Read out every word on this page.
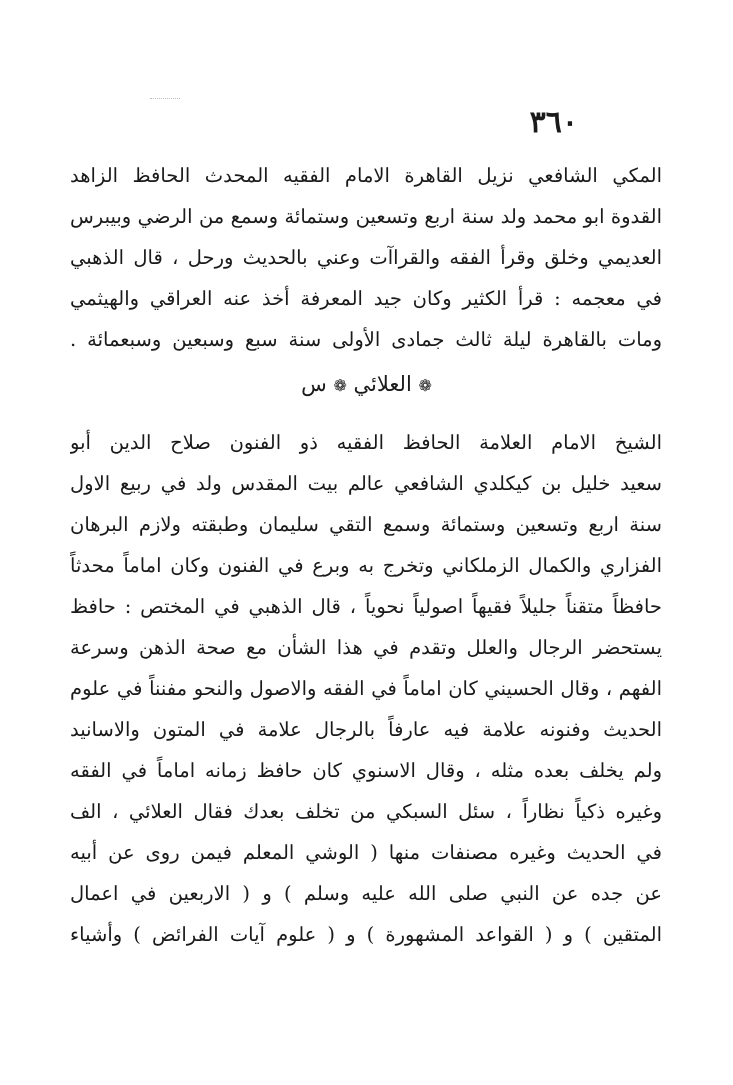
٣٦٠
المكي الشافعي نزيل القاهرة الامام الفقيه المحدث الحافظ الزاهد
القدوة ابو محمد ولد سنة اربع وتسعين وستمائة وسمع من الرضي وبيبرس
العديمي وخلق وقرأ الفقه والقراآت وعني بالحديث ورحل ، قال الذهبي
في معجمه : قرأ الكثير وكان جيد المعرفة أخذ عنه العراقي والهيثمي
ومات بالقاهرة ليلة ثالث جمادى الأولى سنة سبع وسبعين وسبعمائة .
❁ العلائي ❁ س
الشيخ الامام العلامة الحافظ الفقيه ذو الفنون صلاح الدين أبو
سعيد خليل بن كيكلدي الشافعي عالم بيت المقدس ولد في ربيع الاول
سنة اربع وتسعين وستمائة وسمع التقي سليمان وطبقته ولازم البرهان
الفزاري والكمال الزملكاني وتخرج به وبرع في الفنون وكان اماماً محدثاً
حافظاً متقناً جليلاً فقيهاً اصولياً نحوياً ، قال الذهبي في المختص : حافظ
يستحضر الرجال والعلل وتقدم في هذا الشأن مع صحة الذهن وسرعة
الفهم ، وقال الحسيني كان اماماً في الفقه والاصول والنحو مفنناً في علوم
الحديث وفنونه علامة فيه عارفاً بالرجال علامة في المتون والاسانيد
ولم يخلف بعده مثله ، وقال الاسنوي كان حافظ زمانه اماماً في الفقه
وغيره ذكياً نظاراً ، سئل السبكي من تخلف بعدك فقال العلائي ، الف
في الحديث وغيره مصنفات منها ( الوشي المعلم فيمن روى عن أبيه
عن جده عن النبي صلى الله عليه وسلم ) و ( الاربعين في اعمال
المتقين ) و ( القواعد المشهورة ) و ( علوم آيات الفرائض ) وأشياء
